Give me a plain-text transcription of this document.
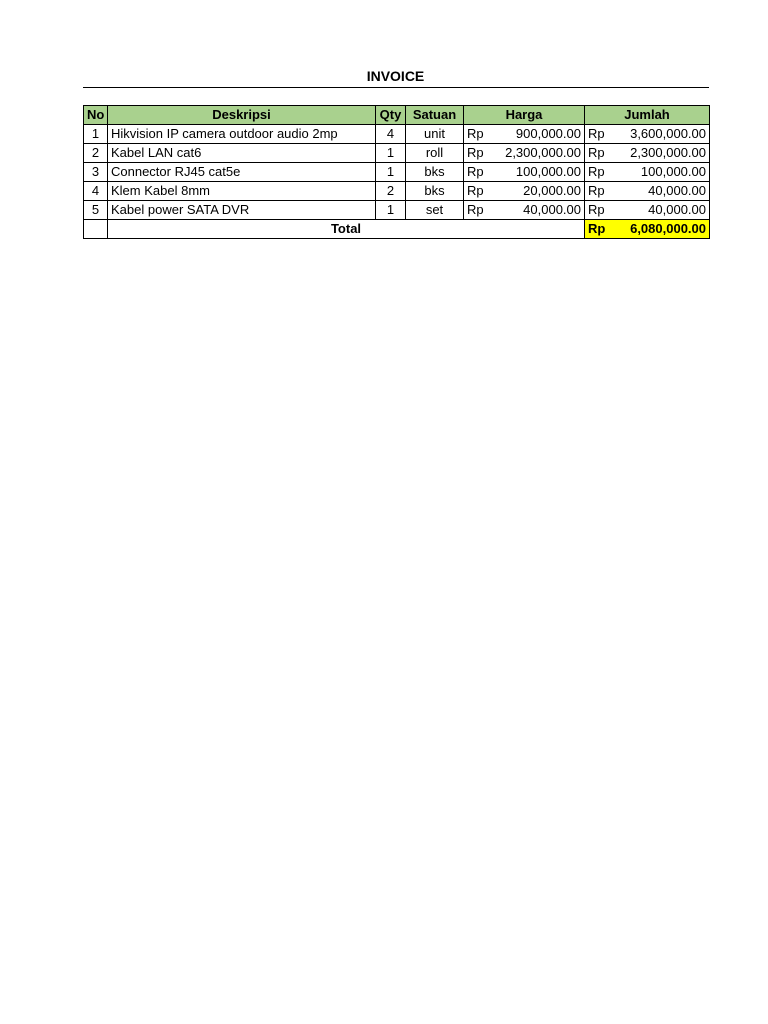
INVOICE
No	Deskripsi	Qty	Satuan	Harga	Jumlah
1	Hikvision IP camera outdoor audio 2mp	4	unit	Rp 900,000.00	Rp 3,600,000.00

2	Kabel LAN cat6	1	roll	Rp 2,300,000.00	Rp 2,300,000.00

3	Connector RJ45 cat5e	1	bks	Rp 100,000.00	Rp 100,000.00

4	Klem Kabel 8mm	2	bks	Rp 20,000.00	Rp 40,000.00

5	Kabel power SATA DVR	1	set	Rp 40,000.00	Rp 40,000.00

	Total				Rp 6,080,000.00
